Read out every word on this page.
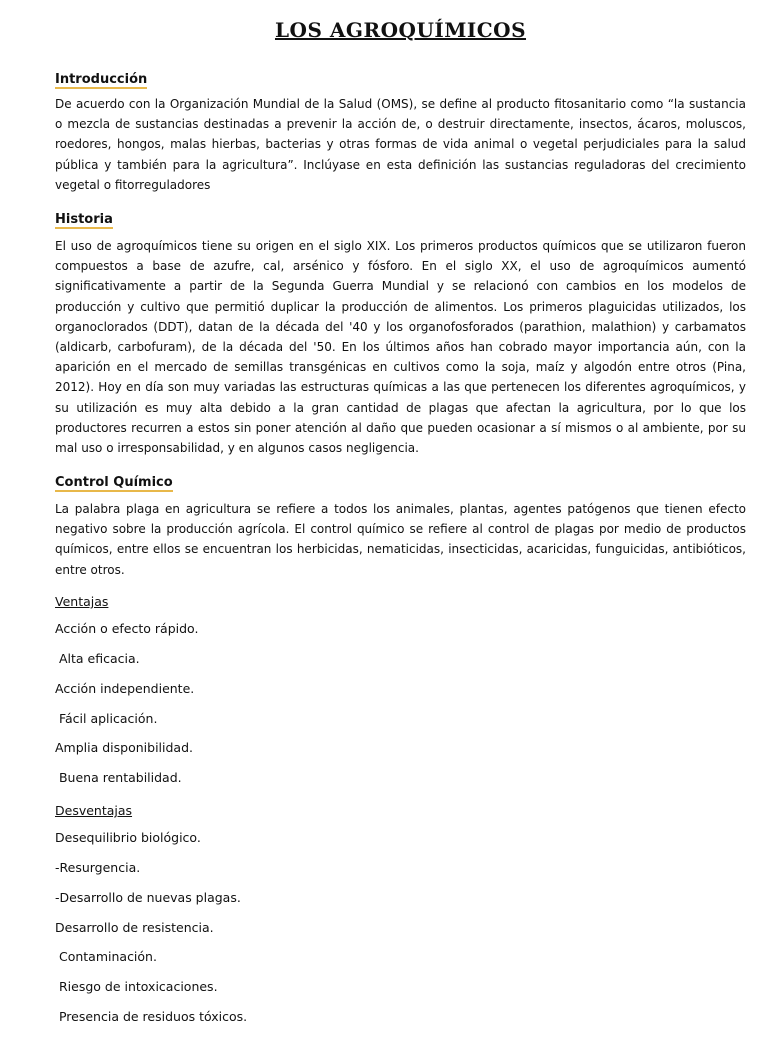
LOS AGROQUÍMICOS

Introducción

De acuerdo con la Organización Mundial de la Salud (OMS), se define al producto fitosanitario como “la sustancia o mezcla de sustancias destinadas a prevenir la acción de, o destruir directamente, insectos, ácaros, moluscos, roedores, hongos, malas hierbas, bacterias y otras formas de vida animal o vegetal perjudiciales para la salud pública y también para la agricultura”. Inclúyase en esta definición las sustancias reguladoras del crecimiento vegetal o fitorreguladores

Historia

El uso de agroquímicos tiene su origen en el siglo XIX. Los primeros productos químicos que se utilizaron fueron compuestos a base de azufre, cal, arsénico y fósforo. En el siglo XX, el uso de agroquímicos aumentó significativamente a partir de la Segunda Guerra Mundial y se relacionó con cambios en los modelos de producción y cultivo que permitió duplicar la producción de alimentos. Los primeros plaguicidas utilizados, los organoclorados (DDT), datan de la década del '40 y los organofosforados (parathion, malathion) y carbamatos (aldicarb, carbofuram), de la década del '50. En los últimos años han cobrado mayor importancia aún, con la aparición en el mercado de semillas transgénicas en cultivos como la soja, maíz y algodón entre otros (Pina, 2012). Hoy en día son muy variadas las estructuras químicas a las que pertenecen los diferentes agroquímicos, y su utilización es muy alta debido a la gran cantidad de plagas que afectan la agricultura, por lo que los productores recurren a estos sin poner atención al daño que pueden ocasionar a sí mismos o al ambiente, por su mal uso o irresponsabilidad, y en algunos casos negligencia.

Control Químico

La palabra plaga en agricultura se refiere a todos los animales, plantas, agentes patógenos que tienen efecto negativo sobre la producción agrícola. El control químico se refiere al control de plagas por medio de productos químicos, entre ellos se encuentran los herbicidas, nematicidas, insecticidas, acaricidas, funguicidas, antibióticos, entre otros.

Ventajas

Acción o efecto rápido.

Alta eficacia.

Acción independiente.

Fácil aplicación.

Amplia disponibilidad.

Buena rentabilidad.

Desventajas

Desequilibrio biológico.

-Resurgencia.

-Desarrollo de nuevas plagas.

Desarrollo de resistencia.

Contaminación.

Riesgo de intoxicaciones.

Presencia de residuos tóxicos.
